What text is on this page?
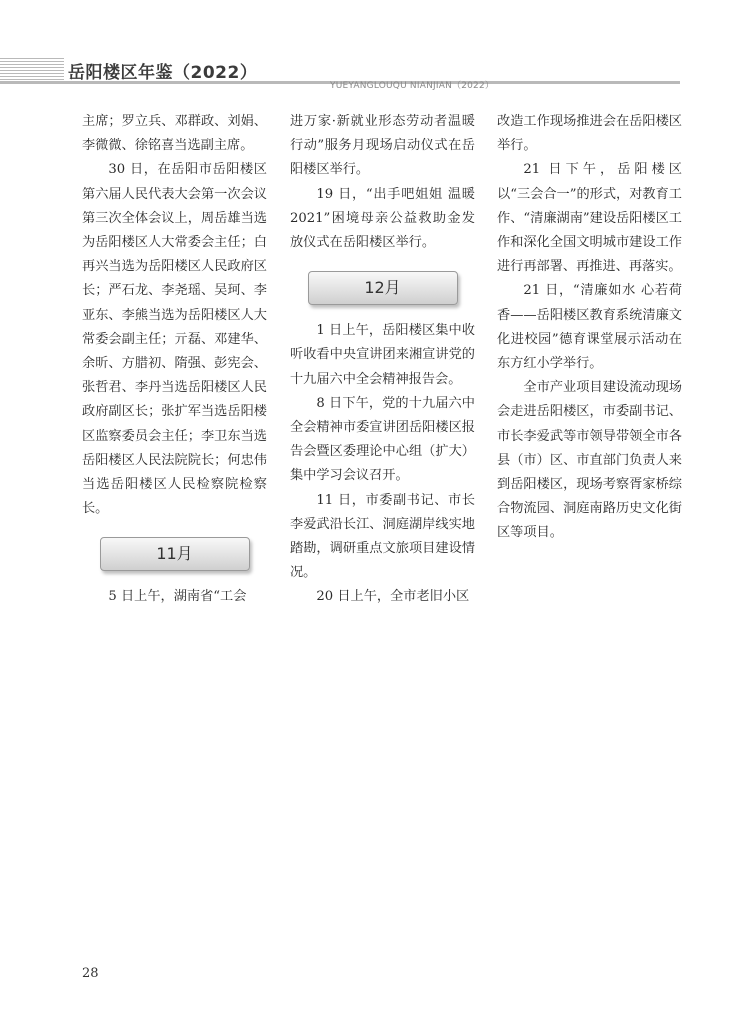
岳阳楼区年鉴（2022）
YUEYANGLOUQU NIANJIAN（2022）

主席；罗立兵、邓群政、刘娟、李微微、徐铭喜当选副主席。

30 日，在岳阳市岳阳楼区第六届人民代表大会第一次会议第三次全体会议上，周岳雄当选为岳阳楼区人大常委会主任；白再兴当选为岳阳楼区人民政府区长；严石龙、李尧瑶、吴珂、李亚东、李熊当选为岳阳楼区人大常委会副主任；亓磊、邓建华、余昕、方腊初、隋强、彭宪会、张哲君、李丹当选岳阳楼区人民政府副区长；张扩军当选岳阳楼区监察委员会主任；李卫东当选岳阳楼区人民法院院长；何忠伟当选岳阳楼区人民检察院检察长。

11月

5 日上午，湖南省“工会

进万家·新就业形态劳动者温暖行动”服务月现场启动仪式在岳阳楼区举行。

19 日，“出手吧姐姐 温暖 2021”困境母亲公益救助金发放仪式在岳阳楼区举行。

12月

1 日上午，岳阳楼区集中收听收看中央宣讲团来湘宣讲党的十九届六中全会精神报告会。

8 日下午，党的十九届六中全会精神市委宣讲团岳阳楼区报告会暨区委理论中心组（扩大）集中学习会议召开。

11 日，市委副书记、市长李爱武沿长江、洞庭湖岸线实地踏勘，调研重点文旅项目建设情况。

20 日上午，全市老旧小区

改造工作现场推进会在岳阳楼区举行。

21 日下午，岳阳楼区以“三会合一”的形式，对教育工作、“清廉湖南”建设岳阳楼区工作和深化全国文明城市建设工作进行再部署、再推进、再落实。

21 日，“清廉如水 心若荷香——岳阳楼区教育系统清廉文化进校园”德育课堂展示活动在东方红小学举行。

全市产业项目建设流动现场会走进岳阳楼区，市委副书记、市长李爱武等市领导带领全市各县（市）区、市直部门负责人来到岳阳楼区，现场考察胥家桥综合物流园、洞庭南路历史文化街区等项目。

28
